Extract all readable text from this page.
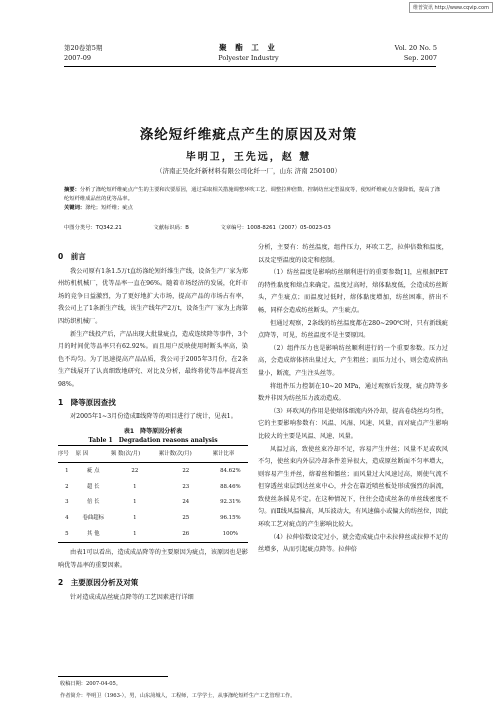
维普资讯 http://www.cqvip.com
第20卷第5期
2007-09
聚 酯 工 业
Polyester Industry
Vol. 20 No. 5
Sep. 2007
涤纶短纤维疵点产生的原因及对策
毕明卫，王先远，赵 慧
（济南正昊化纤新材料有限公司化纤一厂，山东 济南 250100）
摘要：分析了涤纶短纤维疵点产生的主要和次要原因，通过采取相关措施调整环吹工艺、调整拉伸倍数、控制纺丝定型温度等，使短纤维疵点含量降低，提高了涤纶短纤维成品丝的优等品率。
关键词：涤纶；短纤维；疵点
中图分类号：TQ342.21	文献标识码：B	文章编号：1008-8261（2007）05-0023-03
0　前言

我公司原有1条1.5万t直纺涤纶短纤维生产线，设备生产厂家为郑州纺机机械厂，优等品率一直在96%。随着市场经济的发展，化纤市场的竞争日益激烈，为了更好地扩大市场，提高产品的市场占有率，我公司上了1条新生产线，该生产线年产2万t，设备生产厂家为上海第四纺织机械厂。

新生产线投产后，产品出现大批量疵点，造成连续降等事件，3个月的时间优等品率只有62.92%。而且用户反映使用时断头率高，染色不均匀。为了迅速提高产品品质，我公司于2005年3月份，在2条生产线展开了认真细致地研究、对比及分析，最终将优等品率提高至98%。

1　降等原因查找

对2005年1~3月份造成Ⅱ线降等的项目进行了统计，见表1。

表1　降等原因分析表
Table 1　Degradation reasons analysis
序号	原 因	频 数(次/月)	累计数(次/月)	累计比率
1	疵 点	22	22	84.62%
2	超 长	1	23	88.46%
3	倍 长	1	24	92.31%
4	卷曲超标	1	25	96.15%
5	其 他	1	26	100%

由表1可以看出，造成成品降等的主要原因为疵点，该原因也是影响优等品率的重要因素。

2　主要原因分析及对策

针对造成成品丝疵点降等的工艺因素进行详细

分析，主要有：纺丝温度，组件压力，环吹工艺，拉伸倍数和温度，以及定型温度的设定和控制。

（1）纺丝温度是影响纺丝顺利进行的重要参数[1]，应根据PET的特性黏度和熔点来确定。温度过高时，熔体黏度低，会造成纺丝断头，产生疵点；而温度过低时，熔体黏度增加，纺丝困难，挤出不畅，同样会造成纺丝断头，产生疵点。

但通过观察，2条线的纺丝温度都在280~290℃时，只有新线疵点降等，可见，纺丝温度不是主要原因。

（2）组件压力也是影响纺丝顺利进行的一个重要参数。压力过高，会造成熔体挤出量过大，产生粗丝；而压力过小，则会造成挤出量小，断流，产生注头丝等。

将组件压力控制在10~20 MPa，通过观察后发现，疵点降等多数并非因为纺丝压力波动造成。

（3）环吹风的作用是使熔体细流内外冷却，提高卷绕丝均匀性，它的主要影响参数有：风温、风湿、风速、风量，而对疵点产生影响比较大的主要是风温、风速、风量。

风温过高，致使丝束冷却不足，容易产生并丝；风量不足或吹风不匀，使丝束内外层冷却条件差异很大，造成原丝断面不匀率增大，则容易产生并丝，熔着丝和僵丝；而风量过大风速过高，则使气流不但穿透丝束层到达丝束中心，并会在靠近喷丝板处形成强烈的涡流，致使丝条摇晃不定。在这种情况下，往往会造成丝条的单丝线密度不匀。而Ⅱ线风温偏高，风压波动大，有风速偏小或偏大的纺丝位，因此环吹工艺对疵点的产生影响比较大。

（4）拉伸倍数设定过小，就会造成疵点中未拉伸丝或拉伸不足的丝增多，从而引起疵点降等。拉伸倍

收稿日期：2007-04-05。
作者简介：毕明卫（1963-），男，山东菏城人，工程师，工学学士，从事涤纶短纤生产工艺管理工作。
